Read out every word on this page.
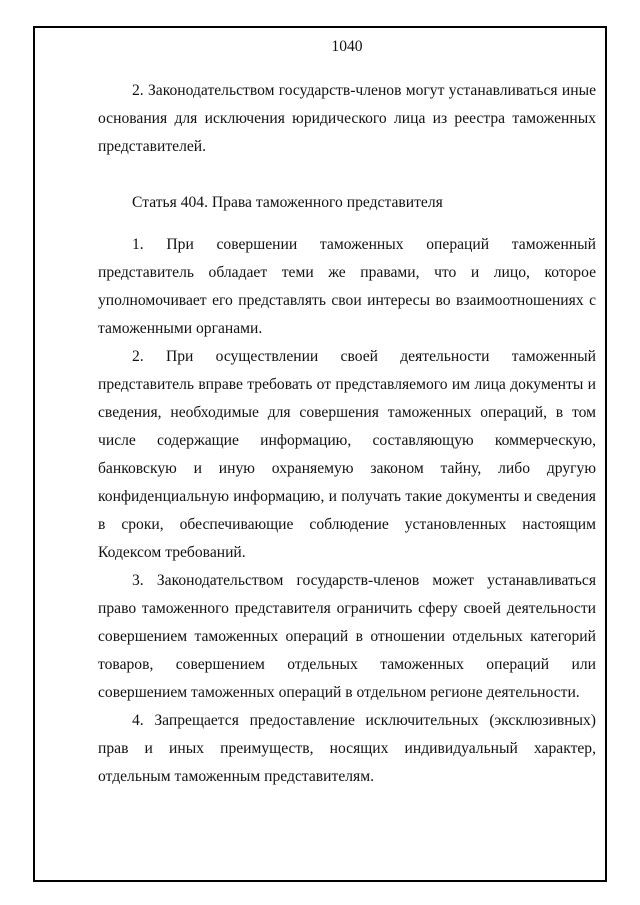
1040

2. Законодательством государств-членов могут устанавливаться иные основания для исключения юридического лица из реестра таможенных представителей.

Статья 404. Права таможенного представителя

1. При совершении таможенных операций таможенный представитель обладает теми же правами, что и лицо, которое уполномочивает его представлять свои интересы во взаимоотношениях с таможенными органами.

2. При осуществлении своей деятельности таможенный представитель вправе требовать от представляемого им лица документы и сведения, необходимые для совершения таможенных операций, в том числе содержащие информацию, составляющую коммерческую, банковскую и иную охраняемую законом тайну, либо другую конфиденциальную информацию, и получать такие документы и сведения в сроки, обеспечивающие соблюдение установленных настоящим Кодексом требований.

3. Законодательством государств-членов может устанавливаться право таможенного представителя ограничить сферу своей деятельности совершением таможенных операций в отношении отдельных категорий товаров, совершением отдельных таможенных операций или совершением таможенных операций в отдельном регионе деятельности.

4. Запрещается предоставление исключительных (эксклюзивных) прав и иных преимуществ, носящих индивидуальный характер, отдельным таможенным представителям.
